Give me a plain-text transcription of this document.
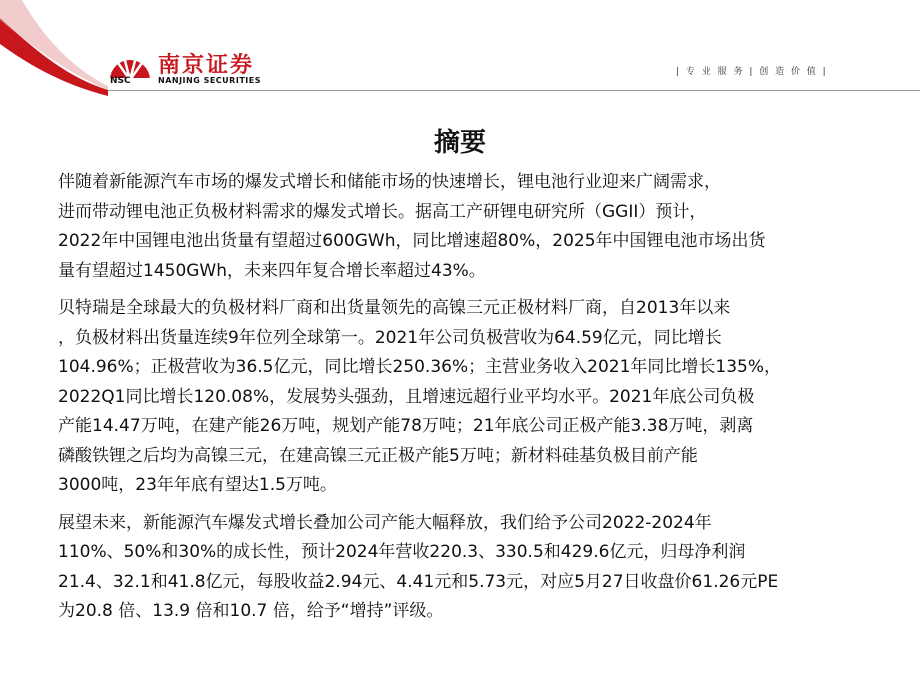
NSC
南京证券
NANJING SECURITIES
| 专 业 服 务 | 创 造 价 值 |
摘要

伴随着新能源汽车市场的爆发式增长和储能市场的快速增长，锂电池行业迎来广阔需求，
进而带动锂电池正负极材料需求的爆发式增长。据高工产研锂电研究所（GGII）预计，
2022年中国锂电池出货量有望超过600GWh，同比增速超80%，2025年中国锂电池市场出货
量有望超过1450GWh，未来四年复合增长率超过43%。

贝特瑞是全球最大的负极材料厂商和出货量领先的高镍三元正极材料厂商，自2013年以来
，负极材料出货量连续9年位列全球第一。2021年公司负极营收为64.59亿元，同比增长
104.96%；正极营收为36.5亿元，同比增长250.36%；主营业务收入2021年同比增长135%，
2022Q1同比增长120.08%，发展势头强劲，且增速远超行业平均水平。2021年底公司负极
产能14.47万吨，在建产能26万吨，规划产能78万吨；21年底公司正极产能3.38万吨，剥离
磷酸铁锂之后均为高镍三元，在建高镍三元正极产能5万吨；新材料硅基负极目前产能
3000吨，23年年底有望达1.5万吨。

展望未来，新能源汽车爆发式增长叠加公司产能大幅释放，我们给予公司2022-2024年
110%、50%和30%的成长性，预计2024年营收220.3、330.5和429.6亿元，归母净利润
21.4、32.1和41.8亿元，每股收益2.94元、4.41元和5.73元，对应5月27日收盘价61.26元PE
为20.8 倍、13.9 倍和10.7 倍，给予“增持”评级。
